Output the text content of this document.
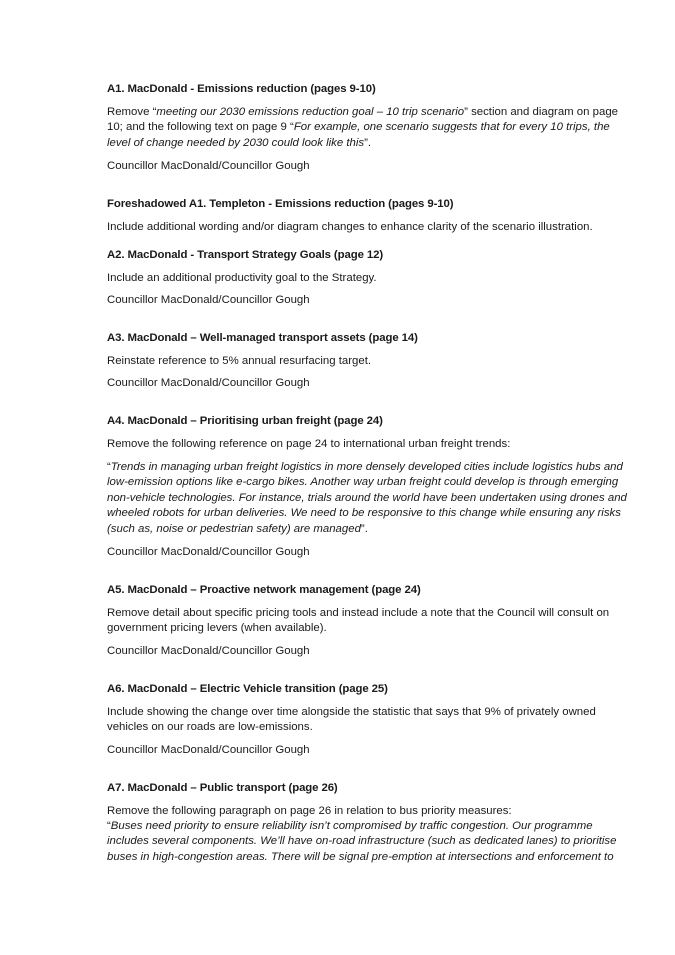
A1. MacDonald - Emissions reduction (pages 9-10)

Remove “meeting our 2030 emissions reduction goal – 10 trip scenario” section and diagram on page 10; and the following text on page 9 “For example, one scenario suggests that for every 10 trips, the level of change needed by 2030 could look like this”.

Councillor MacDonald/Councillor Gough

Foreshadowed A1. Templeton - Emissions reduction (pages 9-10)

Include additional wording and/or diagram changes to enhance clarity of the scenario illustration.

A2. MacDonald - Transport Strategy Goals (page 12)

Include an additional productivity goal to the Strategy.

Councillor MacDonald/Councillor Gough

A3. MacDonald – Well-managed transport assets (page 14)

Reinstate reference to 5% annual resurfacing target.

Councillor MacDonald/Councillor Gough

A4. MacDonald – Prioritising urban freight (page 24)

Remove the following reference on page 24 to international urban freight trends:

“Trends in managing urban freight logistics in more densely developed cities include logistics hubs and low-emission options like e-cargo bikes. Another way urban freight could develop is through emerging non-vehicle technologies. For instance, trials around the world have been undertaken using drones and wheeled robots for urban deliveries. We need to be responsive to this change while ensuring any risks (such as, noise or pedestrian safety) are managed”.

Councillor MacDonald/Councillor Gough

A5. MacDonald – Proactive network management (page 24)

Remove detail about specific pricing tools and instead include a note that the Council will consult on government pricing levers (when available).

Councillor MacDonald/Councillor Gough

A6. MacDonald – Electric Vehicle transition (page 25)

Include showing the change over time alongside the statistic that says that 9% of privately owned vehicles on our roads are low-emissions.

Councillor MacDonald/Councillor Gough

A7. MacDonald – Public transport (page 26)

Remove the following paragraph on page 26 in relation to bus priority measures:

“Buses need priority to ensure reliability isn’t compromised by traffic congestion. Our programme includes several components. We’ll have on-road infrastructure (such as dedicated lanes) to prioritise buses in high-congestion areas. There will be signal pre-emption at intersections and enforcement to
